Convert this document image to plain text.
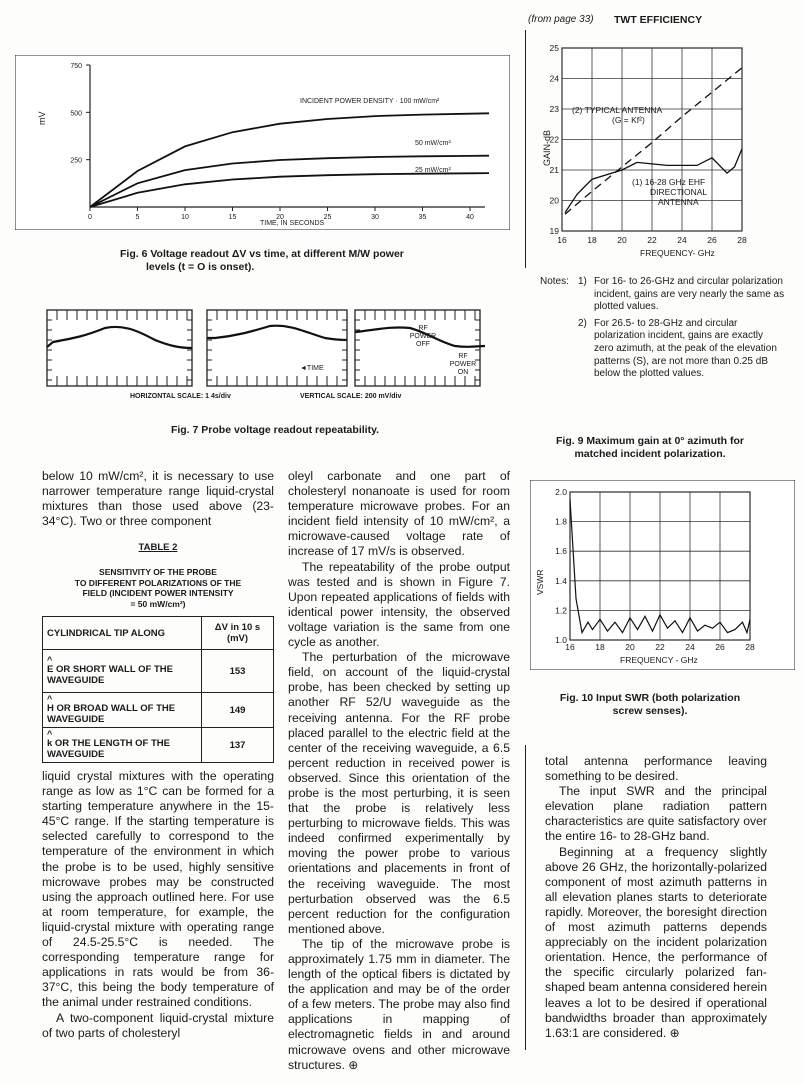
0	5	10	15	20	25	30	35	40
750
500
250
mV
INCIDENT POWER DENSITY · 100 mW/cm²
50 mW/cm²
25 mW/cm²
TIME, IN SECONDS
Fig. 6 Voltage readout ΔV vs time, at different M/W power
levels (t = O is onset).
RF
POWER
OFF
RF
POWER
ON
◄TIME
HORIZONTAL SCALE: 1 4s/div	VERTICAL SCALE: 200 mV/div
Fig. 7 Probe voltage readout repeatability.
(from page 33) TWT EFFICIENCY
25
24
23
22
21
20
19
16 18 20 22 24 26 28
GAIN-dB
(2) TYPICAL ANTENNA
(G = Kf²)
(1) 16-28 GHz EHF
DIRECTIONAL
ANTENNA
FREQUENCY- GHz
Notes: 1) For 16- to 26-GHz and circular polarization incident, gains are very nearly the same as plotted values.
2) For 26.5- to 28-GHz and circular polarization incident, gains are exactly zero azimuth, at the peak of the elevation patterns (S), are not more than 0.25 dB below the plotted values.
Fig. 9 Maximum gain at 0° azimuth for
matched incident polarization.
2.0
1.8
1.6
1.4
1.2
1.0
16 18 20 22 24 26 28
VSWR
FREQUENCY - GHz
Fig. 10 Input SWR (both polarization
screw senses).

below 10 mW/cm², it is necessary to use narrower temperature range liquid-crystal mixtures than those used above (23-34°C). Two or three component

TABLE 2
SENSITIVITY OF THE PROBE
TO DIFFERENT POLARIZATIONS OF THE
FIELD (INCIDENT POWER INTENSITY
= 50 mW/cm²)
CYLINDRICAL TIP ALONG	ΔV in 10 s (mV)

^
E OR SHORT WALL OF THE WAVEGUIDE	153

^
H OR BROAD WALL OF THE WAVEGUIDE	149

^
k OR THE LENGTH OF THE WAVEGUIDE	137

liquid crystal mixtures with the operating range as low as 1°C can be formed for a starting temperature anywhere in the 15-45°C range. If the starting temperature is selected carefully to correspond to the temperature of the environment in which the probe is to be used, highly sensitive microwave probes may be constructed using the approach outlined here. For use at room temperature, for example, the liquid-crystal mixture with operating range of 24.5-25.5°C is needed. The corresponding temperature range for applications in rats would be from 36-37°C, this being the body temperature of the animal under restrained conditions.

A two-component liquid-crystal mixture of two parts of cholesteryl

oleyl carbonate and one part of cholesteryl nonanoate is used for room temperature microwave probes. For an incident field intensity of 10 mW/cm², a microwave-caused voltage rate of increase of 17 mV/s is observed.

The repeatability of the probe output was tested and is shown in Figure 7. Upon repeated applications of fields with identical power intensity, the observed voltage variation is the same from one cycle as another.

The perturbation of the microwave field, on account of the liquid-crystal probe, has been checked by setting up another RF 52/U waveguide as the receiving antenna. For the RF probe placed parallel to the electric field at the center of the receiving waveguide, a 6.5 percent reduction in received power is observed. Since this orientation of the probe is the most perturbing, it is seen that the probe is relatively less perturbing to microwave fields. This was indeed confirmed experimentally by moving the power probe to various orientations and placements in front of the receiving waveguide. The most perturbation observed was the 6.5 percent reduction for the configuration mentioned above.

The tip of the microwave probe is approximately 1.75 mm in diameter. The length of the optical fibers is dictated by the application and may be of the order of a few meters. The probe may also find applications in mapping of electromagnetic fields in and around microwave ovens and other microwave structures. ⊕

total antenna performance leaving something to be desired.

The input SWR and the principal elevation plane radiation pattern characteristics are quite satisfactory over the entire 16- to 28-GHz band.

Beginning at a frequency slightly above 26 GHz, the horizontally-polarized component of most azimuth patterns in all elevation planes starts to deteriorate rapidly. Moreover, the boresight direction of most azimuth patterns depends appreciably on the incident polarization orientation. Hence, the performance of the specific circularly polarized fan-shaped beam antenna considered herein leaves a lot to be desired if operational bandwidths broader than approximately 1.63:1 are considered. ⊕
